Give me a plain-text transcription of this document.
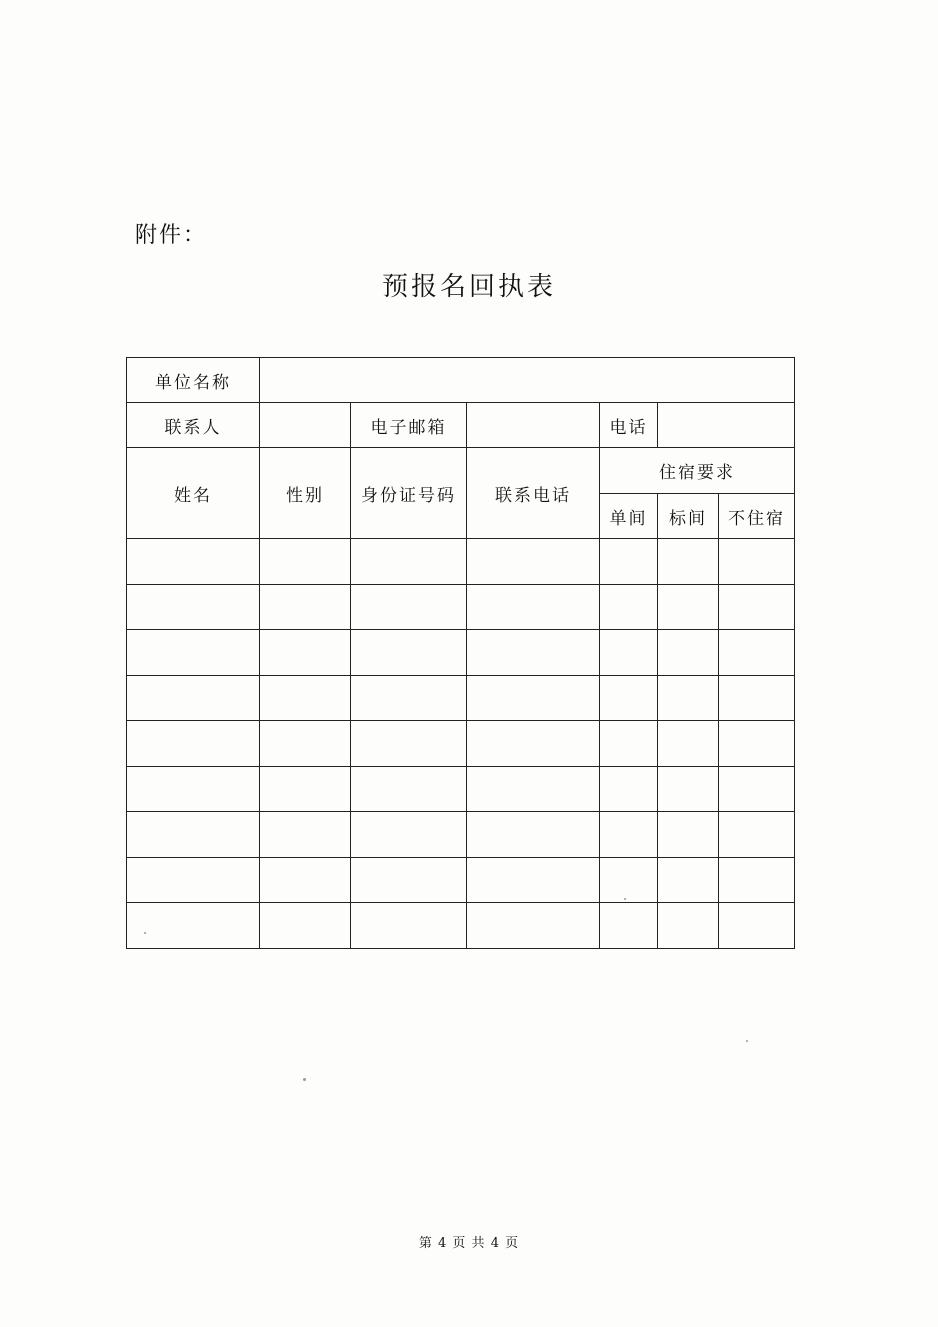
附件：
预报名回执表
单位名称						
联系人		电子邮箱		电话		
姓名	性别	身份证号码	联系电话	住宿要求		
				单间	标间	不住宿

第 4 页 共 4 页
